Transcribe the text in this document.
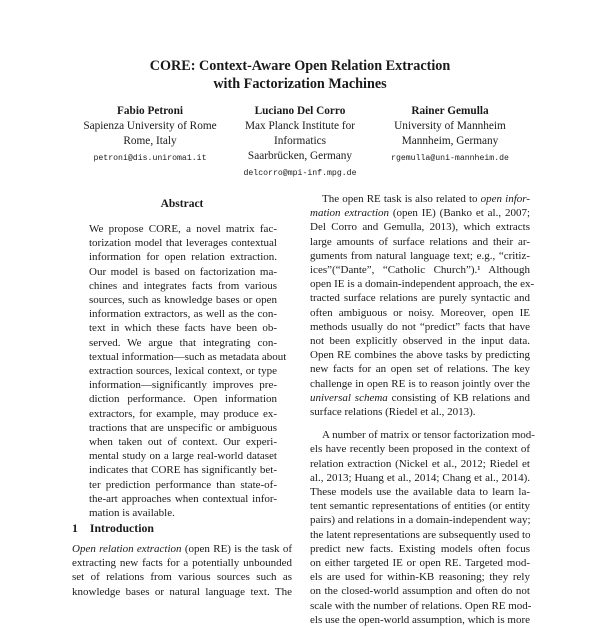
CORE: Context-Aware Open Relation Extraction
with Factorization Machines
Fabio Petroni
Sapienza University of Rome
Rome, Italy
petroni@dis.uniroma1.it
Luciano Del Corro
Max Planck Institute for
Informatics
Saarbrücken, Germany
delcorro@mpi-inf.mpg.de
Rainer Gemulla
University of Mannheim
Mannheim, Germany
rgemulla@uni-mannheim.de
Abstract
We propose CORE, a novel matrix fac-
torization model that leverages contextual
information for open relation extraction.
Our model is based on factorization ma-
chines and integrates facts from various
sources, such as knowledge bases or open
information extractors, as well as the con-
text in which these facts have been ob-
served. We argue that integrating con-
textual information—such as metadata about
extraction sources, lexical context, or type
information—significantly improves pre-
diction performance. Open information
extractors, for example, may produce ex-
tractions that are unspecific or ambiguous
when taken out of context. Our experi-
mental study on a large real-world dataset
indicates that CORE has significantly bet-
ter prediction performance than state-of-
the-art approaches when contextual infor-
mation is available.
1 Introduction
Open relation extraction (open RE) is the task of
extracting new facts for a potentially unbounded
set of relations from various sources such as
knowledge bases or natural language text. The
The open RE task is also related to open infor-
mation extraction (open IE) (Banko et al., 2007;
Del Corro and Gemulla, 2013), which extracts
large amounts of surface relations and their ar-
guments from natural language text; e.g., “critiz-
ices”(“Dante”, “Catholic Church”).¹ Although
open IE is a domain-independent approach, the ex-
tracted surface relations are purely syntactic and
often ambiguous or noisy. Moreover, open IE
methods usually do not “predict” facts that have
not been explicitly observed in the input data.
Open RE combines the above tasks by predicting
new facts for an open set of relations. The key
challenge in open RE is to reason jointly over the
universal schema consisting of KB relations and
surface relations (Riedel et al., 2013).
A number of matrix or tensor factorization mod-
els have recently been proposed in the context of
relation extraction (Nickel et al., 2012; Riedel et
al., 2013; Huang et al., 2014; Chang et al., 2014).
These models use the available data to learn la-
tent semantic representations of entities (or entity
pairs) and relations in a domain-independent way;
the latent representations are subsequently used to
predict new facts. Existing models often focus
on either targeted IE or open RE. Targeted mod-
els are used for within-KB reasoning; they rely
on the closed-world assumption and often do not
scale with the number of relations. Open RE mod-
els use the open-world assumption, which is more
